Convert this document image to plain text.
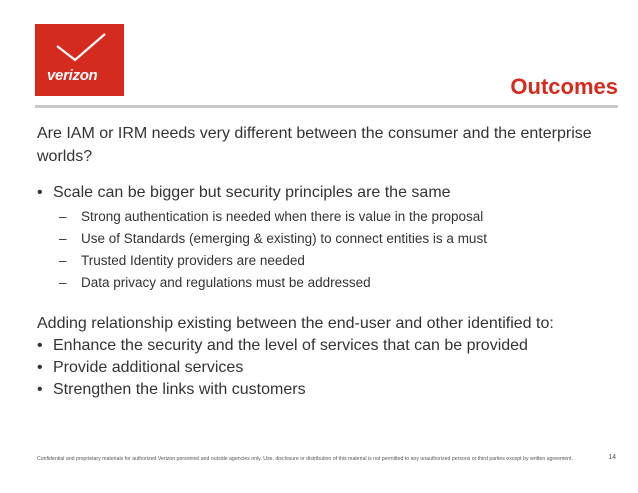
verizon	Outcomes

Are IAM or IRM needs very different between the consumer and the enterprise worlds?

• Scale can be bigger but security principles are the same

–	Strong authentication is needed when there is value in the proposal
–	Use of Standards (emerging & existing) to connect entities is a must
–	Trusted Identity providers are needed
–	Data privacy and regulations must be addressed

Adding relationship existing between the end-user and other identified to:

• Enhance the security and the level of services that can be provided

• Provide additional services

• Strengthen the links with customers

Confidential and proprietary materials for authorized Verizon personnel and outside agencies only. Use, disclosure or distribution of this material is not permitted to any unauthorized persons or third parties except by written agreement.	14
